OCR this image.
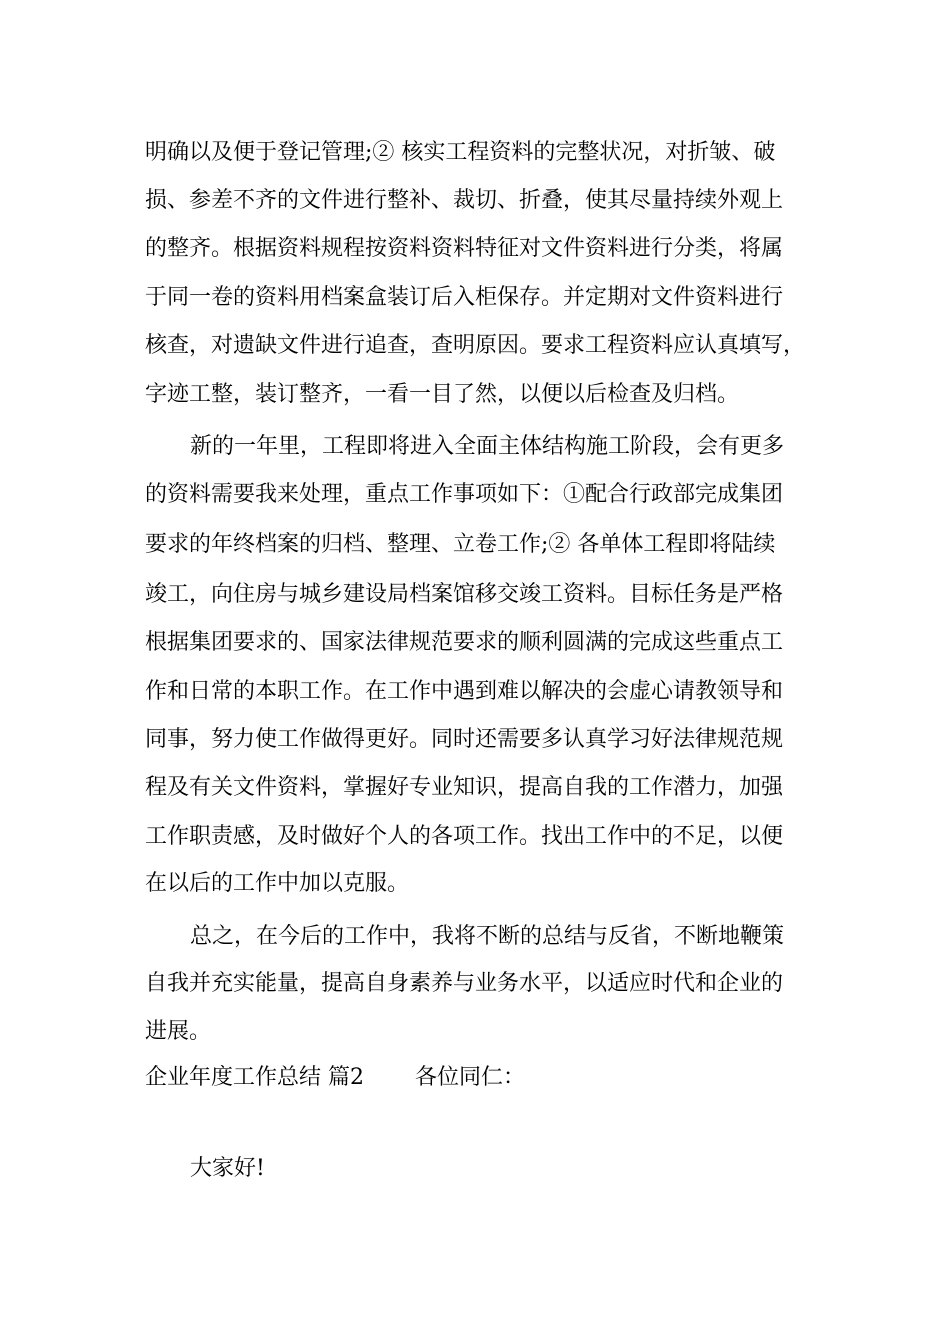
明确以及便于登记管理;② 核实工程资料的完整状况，对折皱、破
损、参差不齐的文件进行整补、裁切、折叠，使其尽量持续外观上
的整齐。根据资料规程按资料资料特征对文件资料进行分类，将属
于同一卷的资料用档案盒装订后入柜保存。并定期对文件资料进行
核查，对遗缺文件进行追查，查明原因。要求工程资料应认真填写，
字迹工整，装订整齐，一看一目了然，以便以后检查及归档。
新的一年里，工程即将进入全面主体结构施工阶段，会有更多
的资料需要我来处理，重点工作事项如下：①配合行政部完成集团
要求的年终档案的归档、整理、立卷工作;② 各单体工程即将陆续
竣工，向住房与城乡建设局档案馆移交竣工资料。目标任务是严格
根据集团要求的、国家法律规范要求的顺利圆满的完成这些重点工
作和日常的本职工作。在工作中遇到难以解决的会虚心请教领导和
同事，努力使工作做得更好。同时还需要多认真学习好法律规范规
程及有关文件资料，掌握好专业知识，提高自我的工作潜力，加强
工作职责感，及时做好个人的各项工作。找出工作中的不足，以便
在以后的工作中加以克服。
总之，在今后的工作中，我将不断的总结与反省，不断地鞭策
自我并充实能量，提高自身素养与业务水平，以适应时代和企业的
进展。
企业年度工作总结 篇2 各位同仁：
大家好!
